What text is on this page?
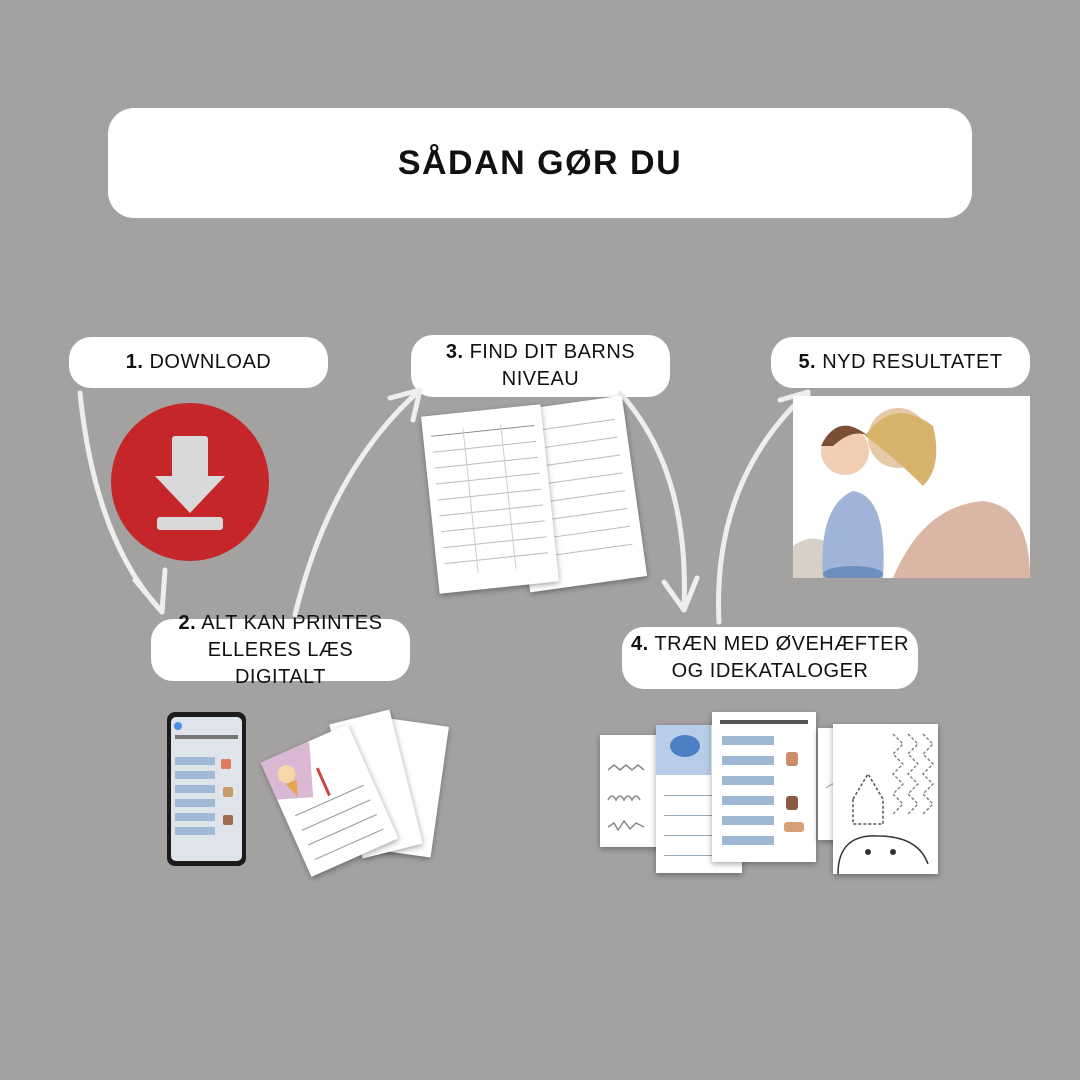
SÅDAN GØR DU
1. DOWNLOAD
2. ALT KAN PRINTES ELLERES LÆS DIGITALT
3. FIND DIT BARNS NIVEAU
4. TRÆN MED ØVEHÆFTER OG IDEKATALOGER
5. NYD RESULTATET
